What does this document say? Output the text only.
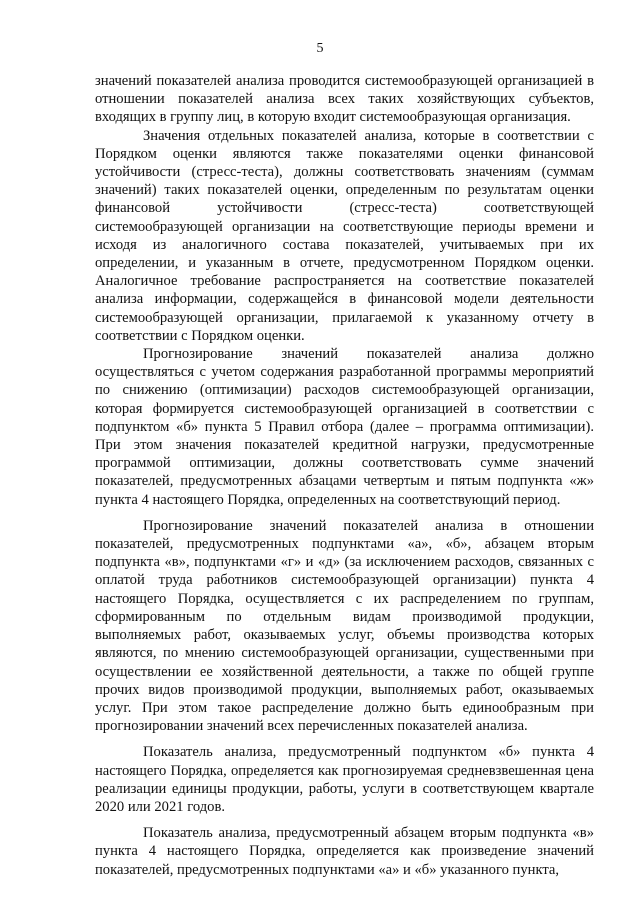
5

значений показателей анализа проводится системообразующей организацией в отношении показателей анализа всех таких хозяйствующих субъектов, входящих в группу лиц, в которую входит системообразующая организация.

Значения отдельных показателей анализа, которые в соответствии с Порядком оценки являются также показателями оценки финансовой устойчивости (стресс-теста), должны соответствовать значениям (суммам значений) таких показателей оценки, определенным по результатам оценки финансовой устойчивости (стресс-теста) соответствующей системообразующей организации на соответствующие периоды времени и исходя из аналогичного состава показателей, учитываемых при их определении, и указанным в отчете, предусмотренном Порядком оценки. Аналогичное требование распространяется на соответствие показателей анализа информации, содержащейся в финансовой модели деятельности системообразующей организации, прилагаемой к указанному отчету в соответствии с Порядком оценки.

Прогнозирование значений показателей анализа должно осуществляться с учетом содержания разработанной программы мероприятий по снижению (оптимизации) расходов системообразующей организации, которая формируется системообразующей организацией в соответствии с подпунктом «б» пункта 5 Правил отбора (далее – программа оптимизации). При этом значения показателей кредитной нагрузки, предусмотренные программой оптимизации, должны соответствовать сумме значений показателей, предусмотренных абзацами четвертым и пятым подпункта «ж» пункта 4 настоящего Порядка, определенных на соответствующий период.

Прогнозирование значений показателей анализа в отношении показателей, предусмотренных подпунктами «а», «б», абзацем вторым подпункта «в», подпунктами «г» и «д» (за исключением расходов, связанных с оплатой труда работников системообразующей организации) пункта 4 настоящего Порядка, осуществляется с их распределением по группам, сформированным по отдельным видам производимой продукции, выполняемых работ, оказываемых услуг, объемы производства которых являются, по мнению системообразующей организации, существенными при осуществлении ее хозяйственной деятельности, а также по общей группе прочих видов производимой продукции, выполняемых работ, оказываемых услуг. При этом такое распределение должно быть единообразным при прогнозировании значений всех перечисленных показателей анализа.

Показатель анализа, предусмотренный подпунктом «б» пункта 4 настоящего Порядка, определяется как прогнозируемая средневзвешенная цена реализации единицы продукции, работы, услуги в соответствующем квартале 2020 или 2021 годов.

Показатель анализа, предусмотренный абзацем вторым подпункта «в» пункта 4 настоящего Порядка, определяется как произведение значений показателей, предусмотренных подпунктами «а» и «б» указанного пункта,
